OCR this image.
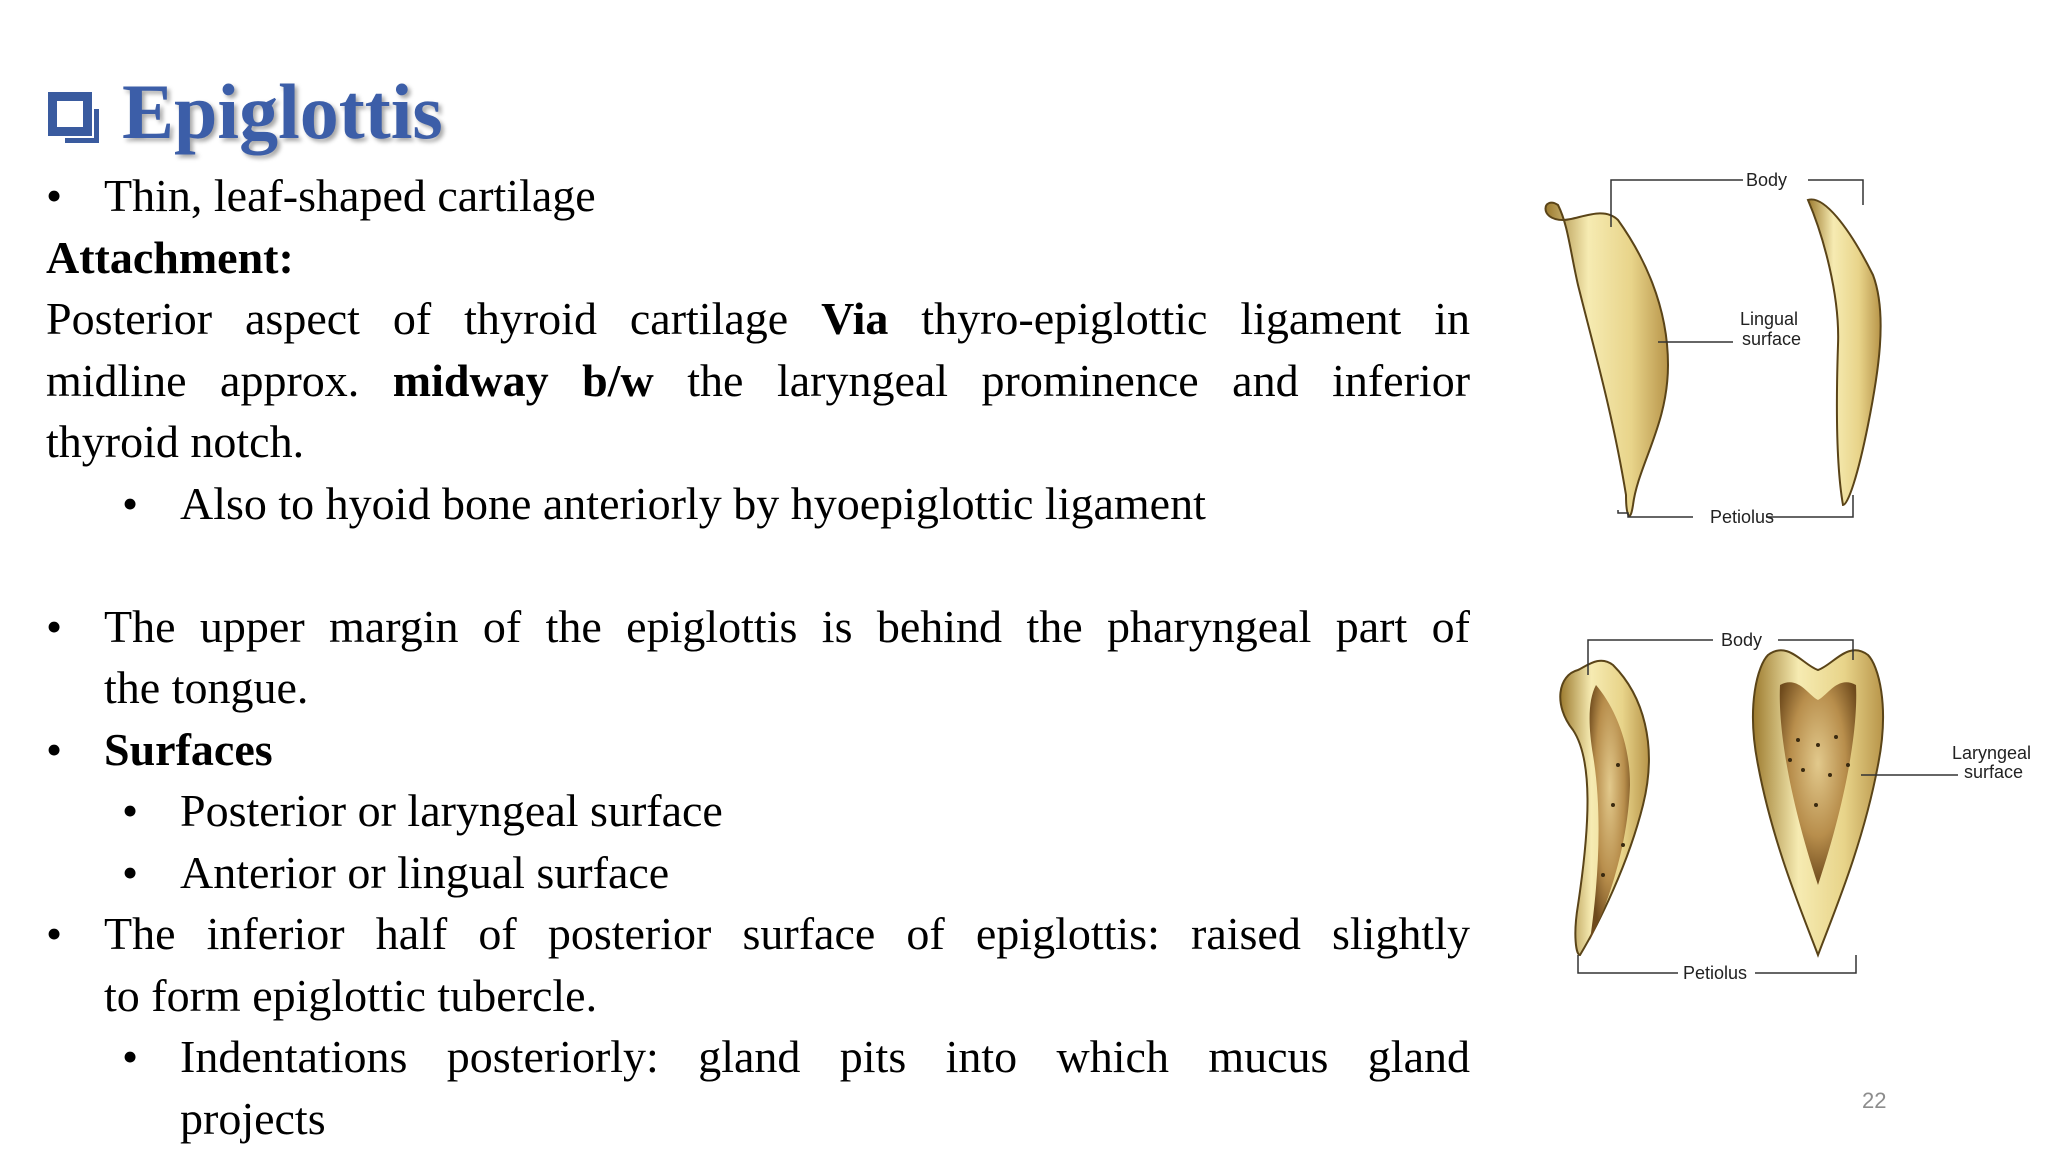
Epiglottis
• Thin, leaf-shaped cartilage
Attachment:
Posterior aspect of thyroid cartilage Via thyro-epiglottic ligament in
midline approx. midway b/w the laryngeal prominence and inferior
thyroid notch.
• Also to hyoid bone anteriorly by hyoepiglottic ligament
• The upper margin of the epiglottis is behind the pharyngeal part of
the tongue.
• Surfaces
• Posterior or laryngeal surface
• Anterior or lingual surface
• The inferior half of posterior surface of epiglottis: raised slightly
to form epiglottic tubercle.
• Indentations posteriorly: gland pits into which mucus gland
projects
Body
Lingual
surface
Petiolus
Body
Laryngeal
surface
Petiolus
22
